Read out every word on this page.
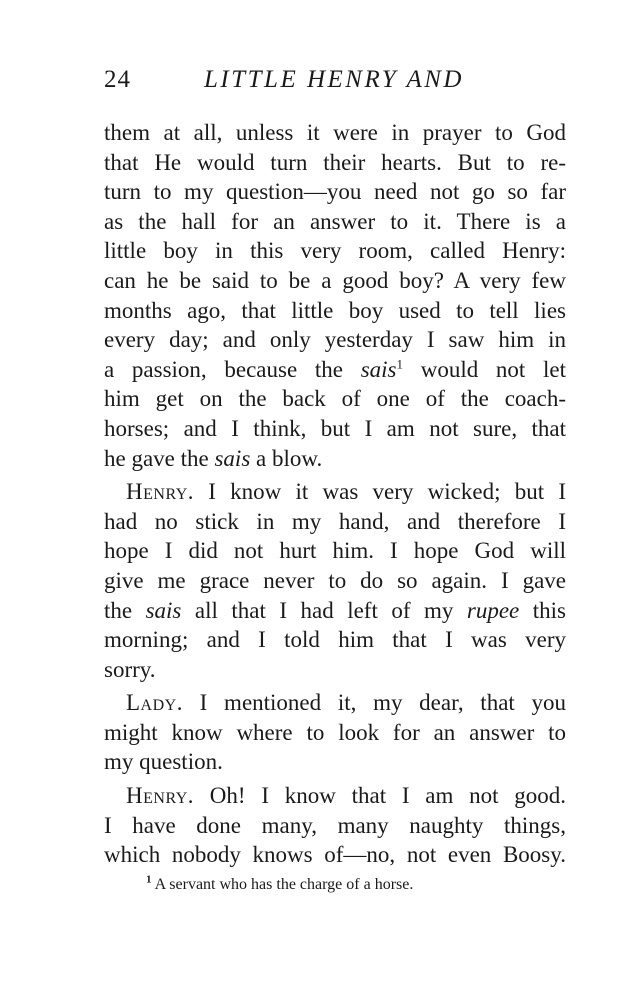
24	LITTLE HENRY AND
them at all, unless it were in prayer to God
that He would turn their hearts. But to re-
turn to my question—you need not go so far
as the hall for an answer to it. There is a
little boy in this very room, called Henry:
can he be said to be a good boy? A very few
months ago, that little boy used to tell lies
every day; and only yesterday I saw him in
a passion, because the sais$^1$ would not let
him get on the back of one of the coach-
horses; and I think, but I am not sure, that
he gave the sais a blow.
Henry. I know it was very wicked; but I
had no stick in my hand, and therefore I
hope I did not hurt him. I hope God will
give me grace never to do so again. I gave
the sais all that I had left of my rupee this
morning; and I told him that I was very
sorry.
Lady. I mentioned it, my dear, that you
might know where to look for an answer to
my question.
Henry. Oh! I know that I am not good.
I have done many, many naughty things,
which nobody knows of—no, not even Boosy.
$^1$ A servant who has the charge of a horse.
